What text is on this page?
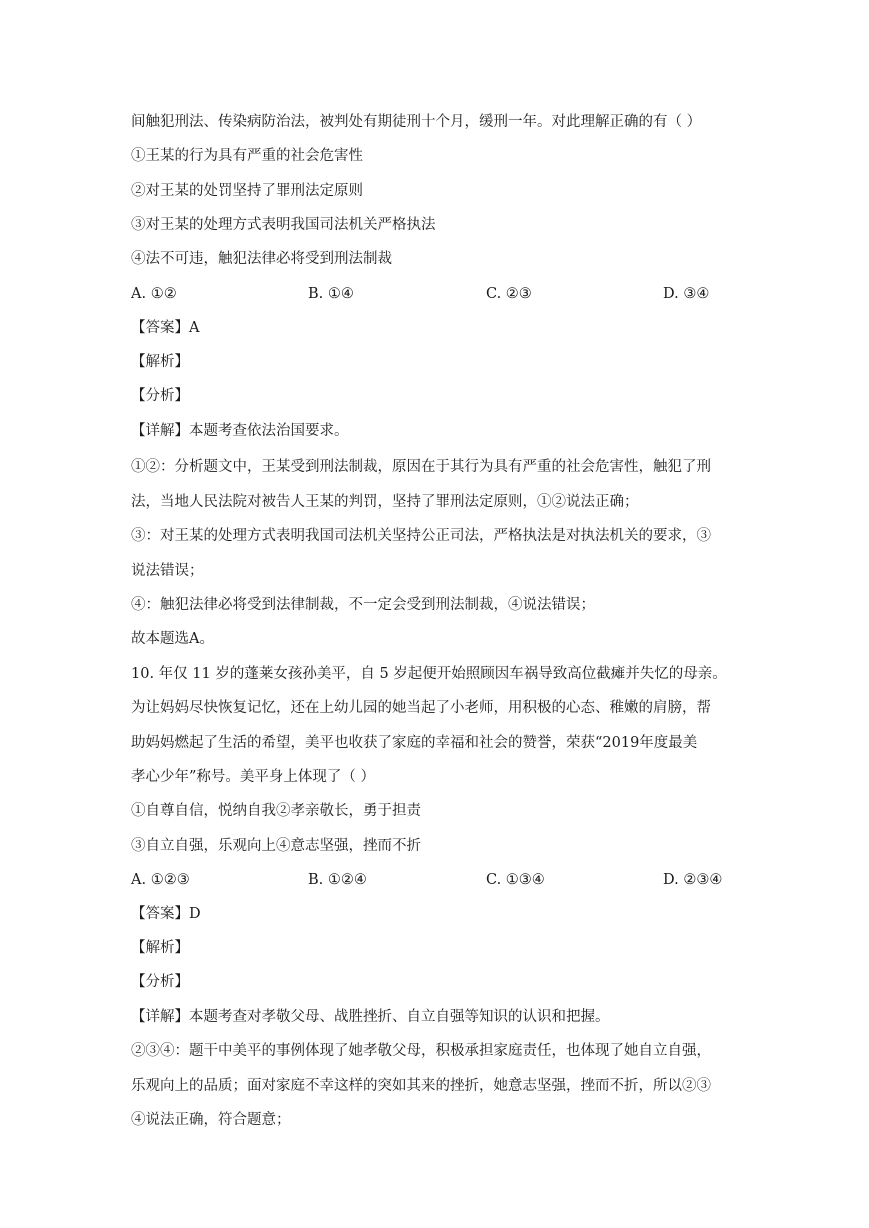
间触犯刑法、传染病防治法，被判处有期徒刑十个月，缓刑一年。对此理解正确的有（ ）
①王某的行为具有严重的社会危害性
②对王某的处罚坚持了罪刑法定原则
③对王某的处理方式表明我国司法机关严格执法
④法不可违，触犯法律必将受到刑法制裁
A. ①②	B. ①④	C. ②③	D. ③④
【答案】A
【解析】
【分析】
【详解】本题考查依法治国要求。
①②：分析题文中，王某受到刑法制裁，原因在于其行为具有严重的社会危害性，触犯了刑
法，当地人民法院对被告人王某的判罚，坚持了罪刑法定原则，①②说法正确；
③：对王某的处理方式表明我国司法机关坚持公正司法，严格执法是对执法机关的要求，③
说法错误；
④：触犯法律必将受到法律制裁，不一定会受到刑法制裁，④说法错误；
故本题选A。
10. 年仅 11 岁的蓬莱女孩孙美平，自 5 岁起便开始照顾因车祸导致高位截瘫并失忆的母亲。
为让妈妈尽快恢复记忆，还在上幼儿园的她当起了小老师，用积极的心态、稚嫩的肩膀，帮
助妈妈燃起了生活的希望，美平也收获了家庭的幸福和社会的赞誉，荣获“2019年度最美
孝心少年”称号。美平身上体现了（ ）
①自尊自信，悦纳自我②孝亲敬长，勇于担责
③自立自强，乐观向上④意志坚强，挫而不折
A. ①②③	B. ①②④	C. ①③④	D. ②③④
【答案】D
【解析】
【分析】
【详解】本题考查对孝敬父母、战胜挫折、自立自强等知识的认识和把握。
②③④：题干中美平的事例体现了她孝敬父母，积极承担家庭责任，也体现了她自立自强，
乐观向上的品质；面对家庭不幸这样的突如其来的挫折，她意志坚强，挫而不折，所以②③
④说法正确，符合题意；
